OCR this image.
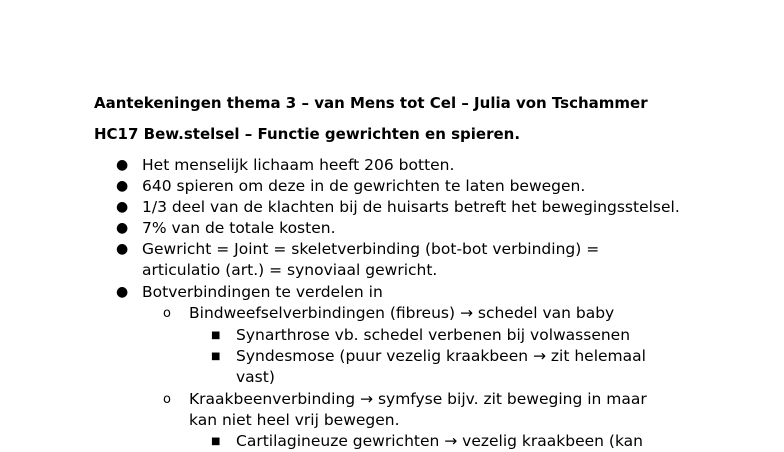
Aantekeningen thema 3 – van Mens tot Cel – Julia von Tschammer
HC17 Bew.stelsel – Functie gewrichten en spieren.
● Het menselijk lichaam heeft 206 botten.
● 640 spieren om deze in de gewrichten te laten bewegen.
● 1/3 deel van de klachten bij de huisarts betreft het bewegingsstelsel.
● 7% van de totale kosten.
● Gewricht = Joint = skeletverbinding (bot-bot verbinding) =
articulatio (art.) = synoviaal gewricht.
● Botverbindingen te verdelen in
o Bindweefselverbindingen (fibreus) → schedel van baby
■ Synarthrose vb. schedel verbenen bij volwassenen
■ Syndesmose (puur vezelig kraakbeen → zit helemaal
vast)
o Kraakbeenverbinding → symfyse bijv. zit beweging in maar
kan niet heel vrij bewegen.
■ Cartilagineuze gewrichten → vezelig kraakbeen (kan
